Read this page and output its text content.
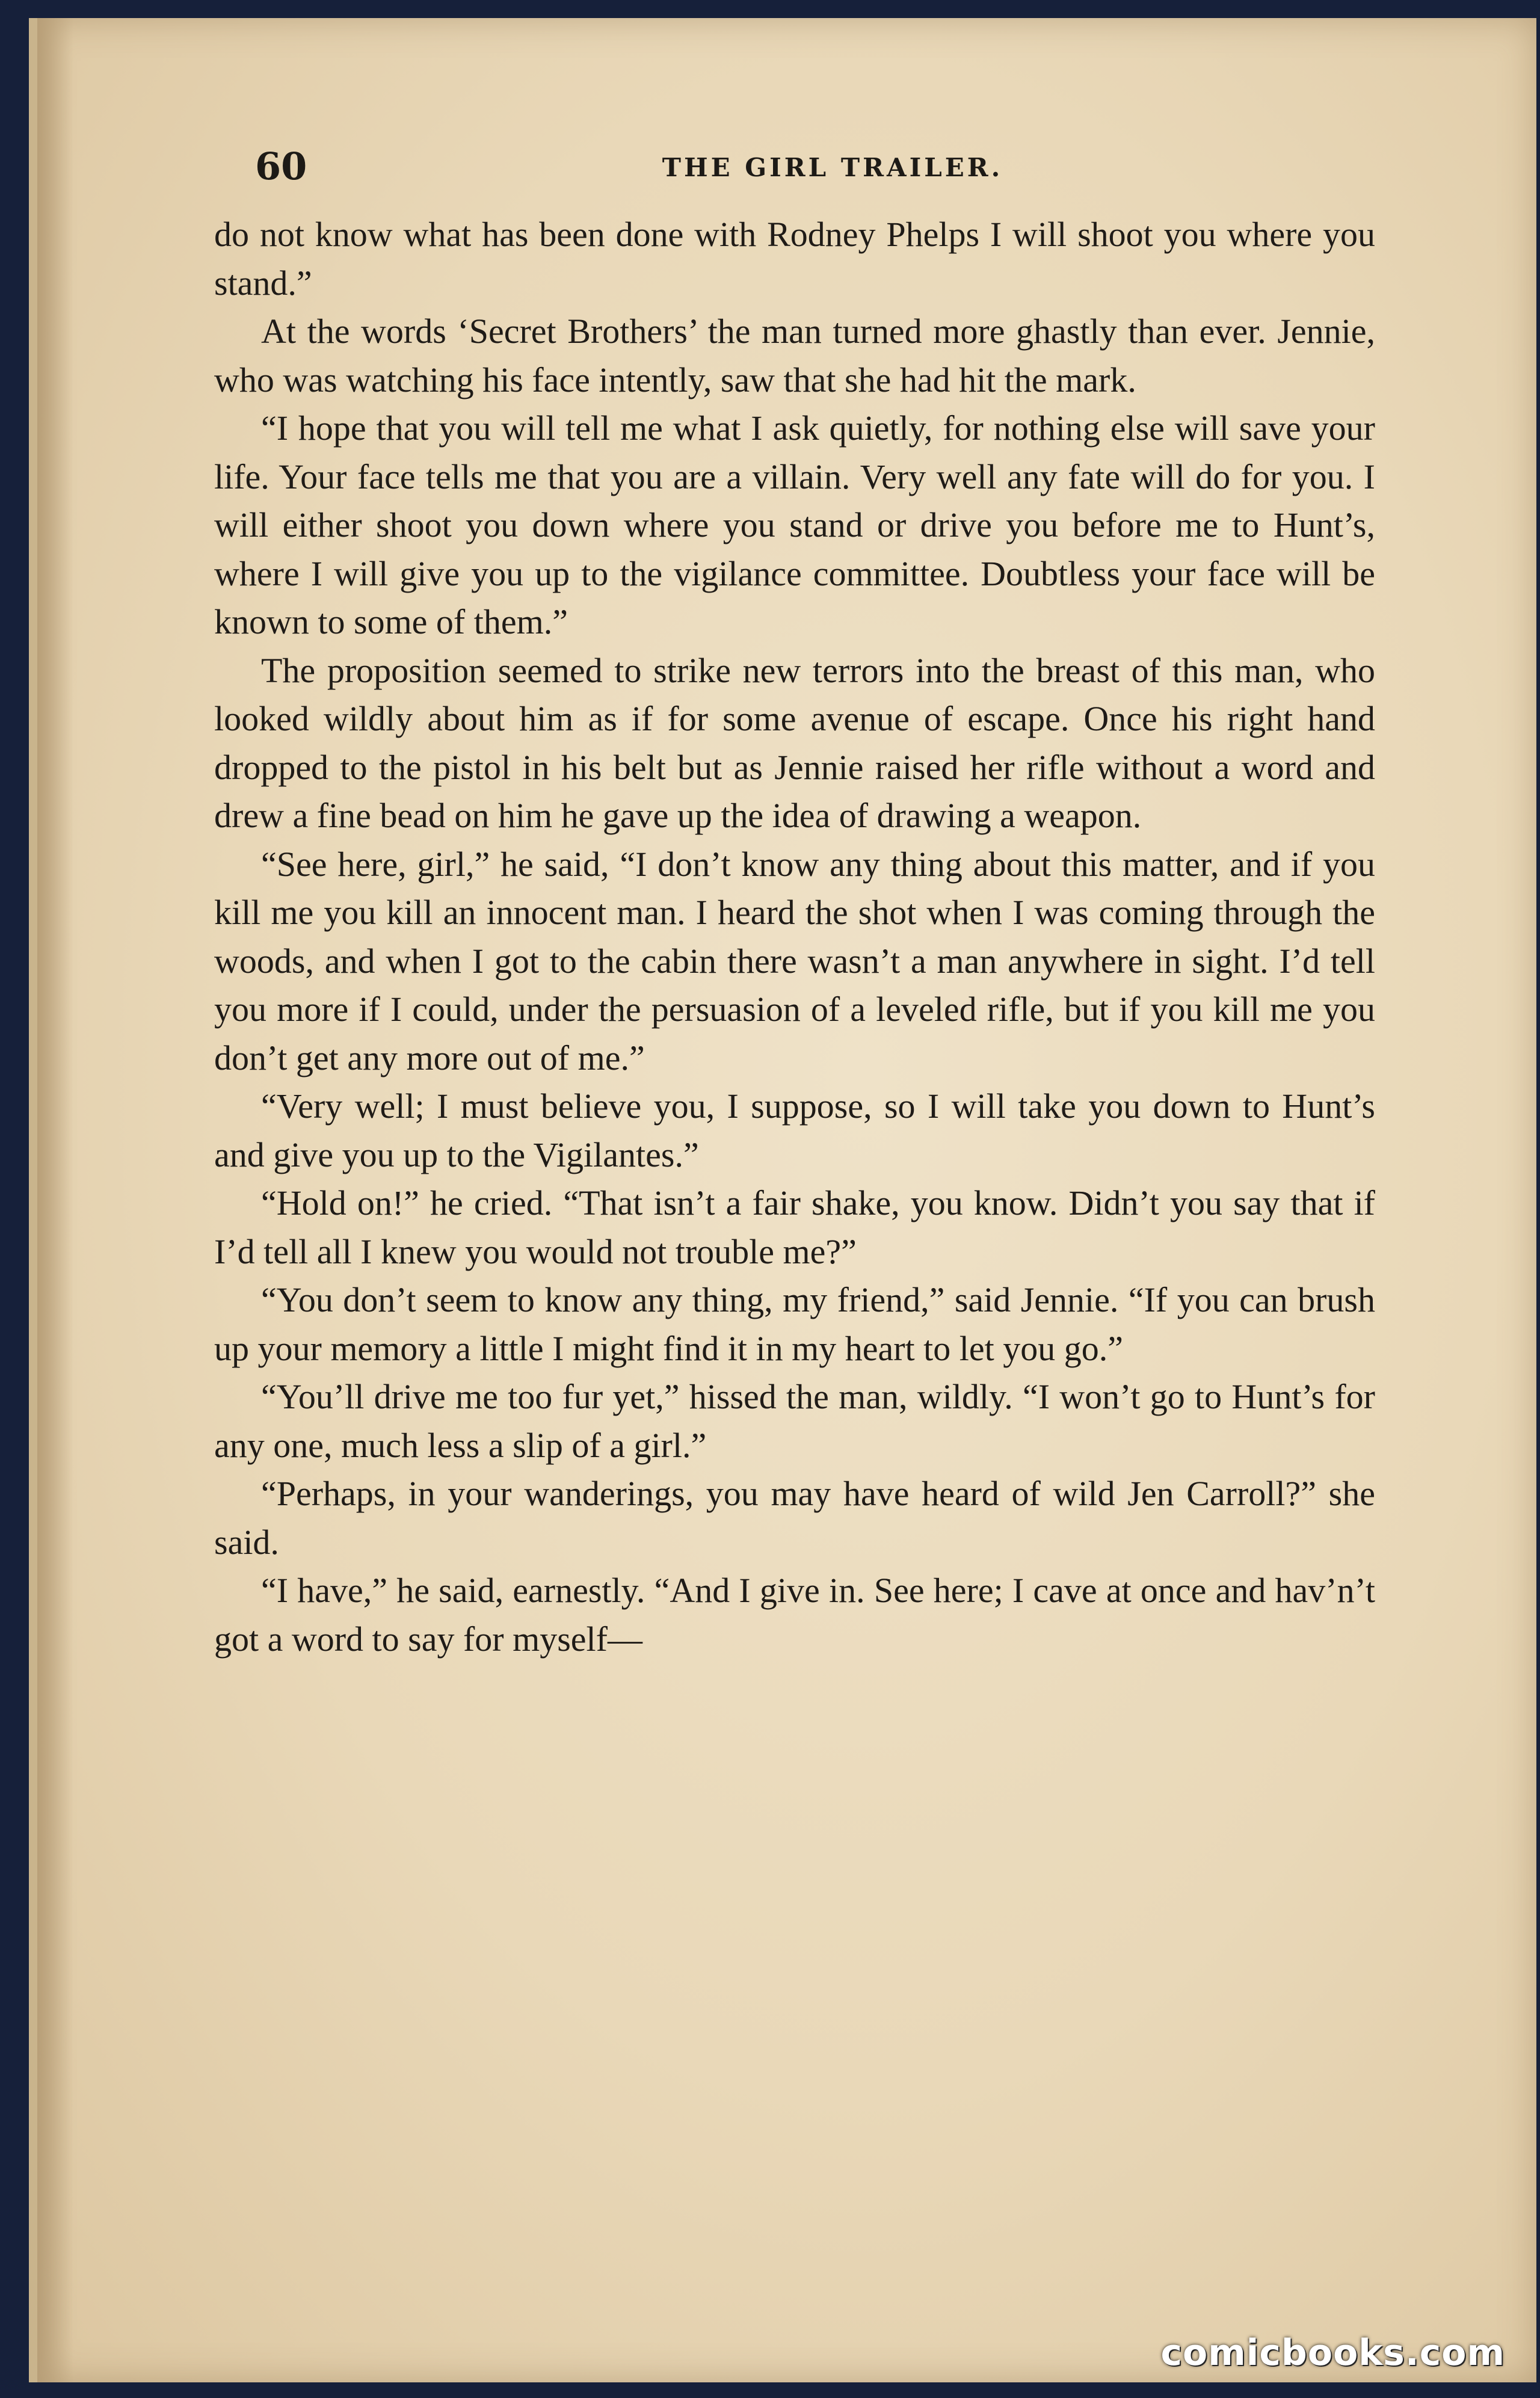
60	THE GIRL TRAILER.

do not know what has been done with Rodney Phelps I will shoot you where you stand.”

At the words ‘Secret Brothers’ the man turned more ghastly than ever. Jennie, who was watching his face intently, saw that she had hit the mark.

“I hope that you will tell me what I ask quietly, for nothing else will save your life. Your face tells me that you are a villain. Very well any fate will do for you. I will either shoot you down where you stand or drive you before me to Hunt’s, where I will give you up to the vigilance committee. Doubtless your face will be known to some of them.”

The proposition seemed to strike new terrors into the breast of this man, who looked wildly about him as if for some avenue of escape. Once his right hand dropped to the pistol in his belt but as Jennie raised her rifle without a word and drew a fine bead on him he gave up the idea of drawing a weapon.

“See here, girl,” he said, “I don’t know any thing about this matter, and if you kill me you kill an innocent man. I heard the shot when I was coming through the woods, and when I got to the cabin there wasn’t a man anywhere in sight. I’d tell you more if I could, under the persuasion of a leveled rifle, but if you kill me you don’t get any more out of me.”

“Very well; I must believe you, I suppose, so I will take you down to Hunt’s and give you up to the Vigilantes.”

“Hold on!” he cried. “That isn’t a fair shake, you know. Didn’t you say that if I’d tell all I knew you would not trouble me?”

“You don’t seem to know any thing, my friend,” said Jennie. “If you can brush up your memory a little I might find it in my heart to let you go.”

“You’ll drive me too fur yet,” hissed the man, wildly. “I won’t go to Hunt’s for any one, much less a slip of a girl.”

“Perhaps, in your wanderings, you may have heard of wild Jen Carroll?” she said.

“I have,” he said, earnestly. “And I give in. See here; I cave at once and hav’n’t got a word to say for myself—

comicbooks.com
